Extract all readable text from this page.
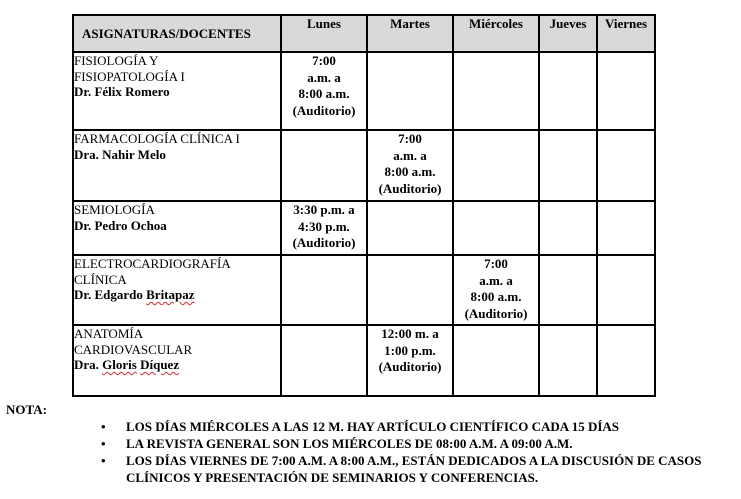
ASIGNATURAS/DOCENTES	Lunes	Martes	Miércoles	Jueves	Viernes

FISIOLOGÍA Y
FISIOPATOLOGÍA I
Dr. Félix Romero	7:00
a.m. a
8:00 a.m.
(Auditorio)				

FARMACOLOGÍA CLÍNICA I
Dra. Nahir Melo		7:00
a.m. a
8:00 a.m.
(Auditorio)			

SEMIOLOGÍA
Dr. Pedro Ochoa	3:30 p.m. a
4:30 p.m.
(Auditorio)				

ELECTROCARDIOGRAFÍA
CLÍNICA
Dr. Edgardo Britapaz			7:00
a.m. a
8:00 a.m.
(Auditorio)		

ANATOMÍA
CARDIOVASCULAR
Dra. Gloris Díquez		12:00 m. a
1:00 p.m.
(Auditorio)			

NOTA:
• LOS DÍAS MIÉRCOLES A LAS 12 M. HAY ARTÍCULO CIENTÍFICO CADA 15 DÍAS
• LA REVISTA GENERAL SON LOS MIÉRCOLES DE 08:00 A.M. A 09:00 A.M.
• LOS DÍAS VIERNES DE 7:00 A.M. A 8:00 A.M., ESTÁN DEDICADOS A LA DISCUSIÓN DE CASOS CLÍNICOS Y PRESENTACIÓN DE SEMINARIOS Y CONFERENCIAS.
